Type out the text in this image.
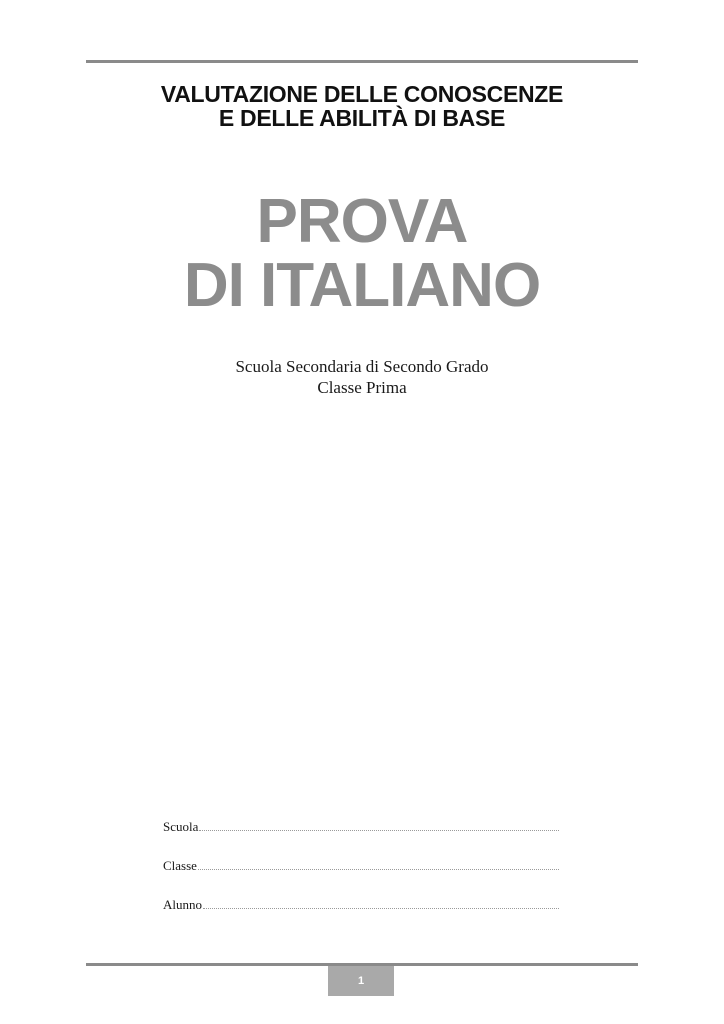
VALUTAZIONE DELLE CONOSCENZE
E DELLE ABILITÀ DI BASE
PROVA
DI ITALIANO
Scuola Secondaria di Secondo Grado
Classe Prima
Scuola
Classe
Alunno
1
